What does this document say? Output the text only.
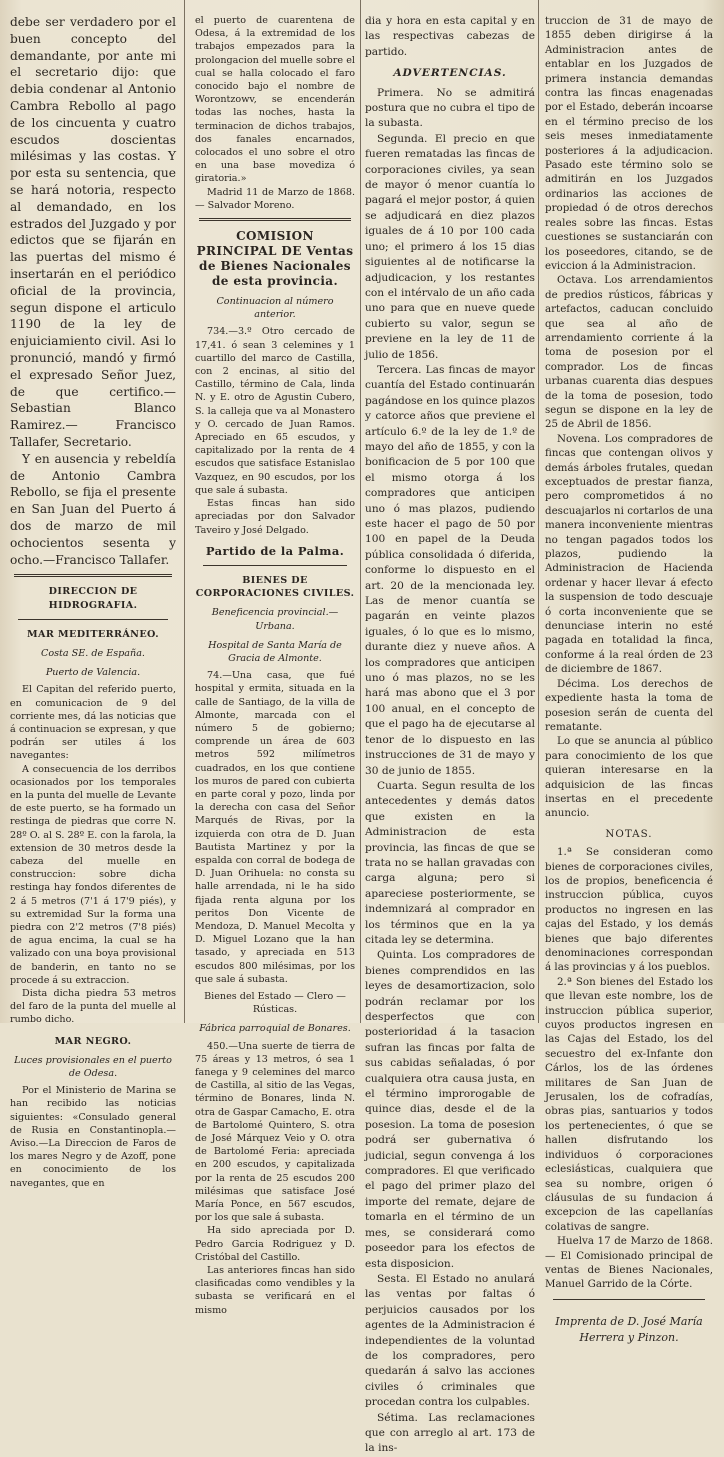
debe ser verdadero por el buen concepto del demandante, por ante mi el secretario dijo: que debia condenar al Antonio Cambra Rebollo al pago de los cincuenta y cuatro escudos doscientas milésimas y las costas. Y por esta su sentencia, que se hará notoria, respecto al demandado, en los estrados del Juzgado y por edictos que se fijarán en las puertas del mismo é insertarán en el periódico oficial de la provincia, segun dispone el articulo 1190 de la ley de enjuiciamiento civil. Asi lo pronunció, mandó y firmó el expresado Señor Juez, de que certifico.— Sebastian Blanco Ramirez.— Francisco Tallafer, Secretario.

Y en ausencia y rebeldía de Antonio Cambra Rebollo, se fija el presente en San Juan del Puerto á dos de marzo de mil ochocientos sesenta y ocho.—Francisco Tallafer.

DIRECCION DE HIDROGRAFIA.
MAR MEDITERRÁNEO.
Costa SE. de España.
Puerto de Valencia.

El Capitan del referido puerto, en comunicacion de 9 del corriente mes, dá las noticias que á continuacion se expresan, y que podrán ser utiles á los navegantes:

A consecuencia de los derribos ocasionados por los temporales en la punta del muelle de Levante de este puerto, se ha formado un restinga de piedras que corre N. 28º O. al S. 28º E. con la farola, la extension de 30 metros desde la cabeza del muelle en construccion: sobre dicha restinga hay fondos diferentes de 2 á 5 metros (7'1 á 17'9 piés), y su extremidad Sur la forma una piedra con 2'2 metros (7'8 piés) de agua encima, la cual se ha valizado con una boya provisional de banderin, en tanto no se procede á su extraccion.

Dista dicha piedra 53 metros del faro de la punta del muelle al rumbo dicho.

MAR NEGRO.
Luces provisionales en el puerto de Odesa.

Por el Ministerio de Marina se han recibido las noticias siguientes: «Consulado general de Rusia en Constantinopla.—Aviso.—La Direccion de Faros de los mares Negro y de Azoff, pone en conocimiento de los navegantes, que en

el puerto de cuarentena de Odesa, á la extremidad de los trabajos empezados para la prolongacion del muelle sobre el cual se halla colocado el faro conocido bajo el nombre de Worontzowv, se encenderán todas las noches, hasta la terminacion de dichos trabajos, dos fanales encarnados, colocados el uno sobre el otro en una base movediza ó giratoria.»

Madrid 11 de Marzo de 1868.— Salvador Moreno.

COMISION PRINCIPAL DE Ventas de Bienes Nacionales de esta provincia.
Continuacion al número anterior.

734.—3.º Otro cercado de 17,41. ó sean 3 celemines y 1 cuartillo del marco de Castilla, con 2 encinas, al sitio del Castillo, término de Cala, linda N. y E. otro de Agustin Cubero, S. la calleja que va al Monastero y O. cercado de Juan Ramos. Apreciado en 65 escudos, y capitalizado por la renta de 4 escudos que satisface Estanislao Vazquez, en 90 escudos, por los que sale á subasta.

Estas fincas han sido apreciadas por don Salvador Taveiro y José Delgado.

Partido de la Palma.
BIENES DE CORPORACIONES CIVILES.
Beneficencia provincial.—Urbana.
Hospital de Santa María de Gracia de Almonte.

74.—Una casa, que fué hospital y ermita, situada en la calle de Santiago, de la villa de Almonte, marcada con el número 5 de gobierno; comprende un área de 603 metros 592 milímetros cuadrados, en los que contiene los muros de pared con cubierta en parte coral y pozo, linda por la derecha con casa del Señor Marqués de Rivas, por la izquierda con otra de D. Juan Bautista Martinez y por la espalda con corral de bodega de D. Juan Orihuela: no consta su halle arrendada, ni le ha sido fijada renta alguna por los peritos Don Vicente de Mendoza, D. Manuel Mecolta y D. Miguel Lozano que la han tasado, y apreciada en 513 escudos 800 milésimas, por los que sale á subasta.

Bienes del Estado — Clero — Rústicas.
Fábrica parroquial de Bonares.

450.—Una suerte de tierra de 75 áreas y 13 metros, ó sea 1 fanega y 9 celemines del marco de Castilla, al sitio de las Vegas, término de Bonares, linda N. otra de Gaspar Camacho, E. otra de Bartolomé Quintero, S. otra de José Márquez Veio y O. otra de Bartolomé Feria: apreciada en 200 escudos, y capitalizada por la renta de 25 escudos 200 milésimas que satisface José María Ponce, en 567 escudos, por los que sale á subasta.

Ha sido apreciada por D. Pedro Garcia Rodriguez y D. Cristóbal del Castillo.

Las anteriores fincas han sido clasificadas como vendibles y la subasta se verificará en el mismo

dia y hora en esta capital y en las respectivas cabezas de partido.

ADVERTENCIAS.

Primera. No se admitirá postura que no cubra el tipo de la subasta.

Segunda. El precio en que fueren rematadas las fincas de corporaciones civiles, ya sean de mayor ó menor cuantía lo pagará el mejor postor, á quien se adjudicará en diez plazos iguales de á 10 por 100 cada uno; el primero á los 15 dias siguientes al de notificarse la adjudicacion, y los restantes con el intérvalo de un año cada uno para que en nueve quede cubierto su valor, segun se previene en la ley de 11 de julio de 1856.

Tercera. Las fincas de mayor cuantía del Estado continuarán pagándose en los quince plazos y catorce años que previene el artículo 6.º de la ley de 1.º de mayo del año de 1855, y con la bonificacion de 5 por 100 que el mismo otorga á los compradores que anticipen uno ó mas plazos, pudiendo este hacer el pago de 50 por 100 en papel de la Deuda pública consolidada ó diferida, conforme lo dispuesto en el art. 20 de la mencionada ley. Las de menor cuantía se pagarán en veinte plazos iguales, ó lo que es lo mismo, durante diez y nueve años. A los compradores que anticipen uno ó mas plazos, no se les hará mas abono que el 3 por 100 anual, en el concepto de que el pago ha de ejecutarse al tenor de lo dispuesto en las instrucciones de 31 de mayo y 30 de junio de 1855.

Cuarta. Segun resulta de los antecedentes y demás datos que existen en la Administracion de esta provincia, las fincas de que se trata no se hallan gravadas con carga alguna; pero si apareciese posteriormente, se indemnizará al comprador en los términos que en la ya citada ley se determina.

Quinta. Los compradores de bienes comprendidos en las leyes de desamortizacion, solo podrán reclamar por los desperfectos que con posterioridad á la tasacion sufran las fincas por falta de sus cabidas señaladas, ó por cualquiera otra causa justa, en el término improrogable de quince dias, desde el de la posesion. La toma de posesion podrá ser gubernativa ó judicial, segun convenga á los compradores. El que verificado el pago del primer plazo del importe del remate, dejare de tomarla en el término de un mes, se considerará como poseedor para los efectos de esta disposicion.

Sesta. El Estado no anulará las ventas por faltas ó perjuicios causados por los agentes de la Administracion é independientes de la voluntad de los compradores, pero quedarán á salvo las acciones civiles ó criminales que procedan contra los culpables.

Sétima. Las reclamaciones que con arreglo al art. 173 de la ins-

truccion de 31 de mayo de 1855 deben dirigirse á la Administracion antes de entablar en los Juzgados de primera instancia demandas contra las fincas enagenadas por el Estado, deberán incoarse en el término preciso de los seis meses inmediatamente posteriores á la adjudicacion. Pasado este término solo se admitirán en los Juzgados ordinarios las acciones de propiedad ó de otros derechos reales sobre las fincas. Estas cuestiones se sustanciarán con los poseedores, citando, se de eviccion á la Administracion.

Octava. Los arrendamientos de predios rústicos, fábricas y artefactos, caducan concluido que sea al año de arrendamiento corriente á la toma de posesion por el comprador. Los de fincas urbanas cuarenta dias despues de la toma de posesion, todo segun se dispone en la ley de 25 de Abril de 1856.

Novena. Los compradores de fincas que contengan olivos y demás árboles frutales, quedan exceptuados de prestar fianza, pero comprometidos á no descuajarlos ni cortarlos de una manera inconveniente mientras no tengan pagados todos los plazos, pudiendo la Administracion de Hacienda ordenar y hacer llevar á efecto la suspension de todo descuaje ó corta inconveniente que se denunciase interin no esté pagada en totalidad la finca, conforme á la real órden de 23 de diciembre de 1867.

Décima. Los derechos de expediente hasta la toma de posesion serán de cuenta del rematante.

Lo que se anuncia al público para conocimiento de los que quieran interesarse en la adquisicion de las fincas insertas en el precedente anuncio.

NOTAS.

1.ª Se consideran como bienes de corporaciones civiles, los de propios, beneficencia é instruccion pública, cuyos productos no ingresen en las cajas del Estado, y los demás bienes que bajo diferentes denominaciones correspondan á las provincias y á los pueblos.

2.ª Son bienes del Estado los que llevan este nombre, los de instruccion pública superior, cuyos productos ingresen en las Cajas del Estado, los del secuestro del ex-Infante don Cárlos, los de las órdenes militares de San Juan de Jerusalen, los de cofradías, obras pias, santuarios y todos los pertenecientes, ó que se hallen disfrutando los individuos ó corporaciones eclesiásticas, cualquiera que sea su nombre, origen ó cláusulas de su fundacion á excepcion de las capellanías colativas de sangre.

Huelva 17 de Marzo de 1868.— El Comisionado principal de ventas de Bienes Nacionales, Manuel Garrido de la Córte.

Imprenta de D. José María Herrera y Pinzon.
